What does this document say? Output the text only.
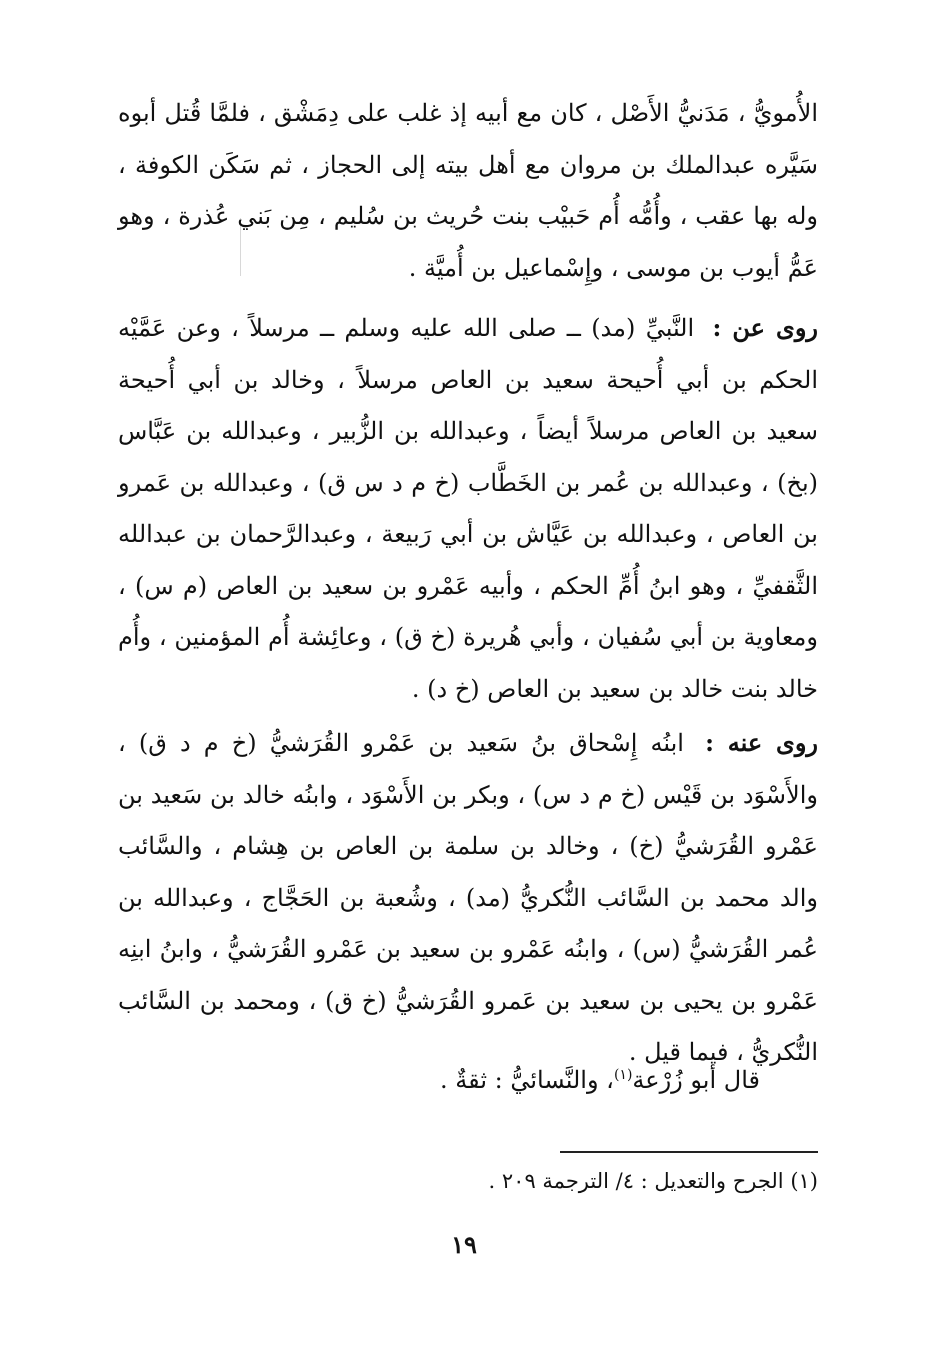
الأُمويُّ ، مَدَنيُّ الأَصْل ، كان مع أبيه إذ غلب على دِمَشْق ، فلمَّا قُتل أبوه سَيَّره عبدالملك بن مروان مع أهل بيته إلى الحجاز ، ثم سَكَن الكوفة ، وله بها عقب ، وأُمُّه أُم حَبيْب بنت حُريث بن سُليم ، مِن بَني عُذرة ، وهو عَمُّ أيوب بن موسى ، وإِسْماعيل بن أُميَّة .

روى عن : النَّبيِّ (مد) ــ صلى الله عليه وسلم ــ مرسلاً ، وعن عَمَّيْه الحكم بن أبي أُحيحة سعيد بن العاص مرسلاً ، وخالد بن أبي أُحيحة سعيد بن العاص مرسلاً أيضاً ، وعبدالله بن الزُّبير ، وعبدالله بن عَبَّاس (بخ) ، وعبدالله بن عُمر بن الخَطَّاب (خ م د س ق) ، وعبدالله بن عَمرو بن العاص ، وعبدالله بن عَيَّاش بن أبي رَبيعة ، وعبدالرَّحمان بن عبدالله الثَّقفيِّ ، وهو ابنُ أُمِّ الحكم ، وأبيه عَمْرو بن سعيد بن العاص (م س) ، ومعاوية بن أبي سُفيان ، وأبي هُريرة (خ ق) ، وعائِشة أُم المؤمنين ، وأُم خالد بنت خالد بن سعيد بن العاص (خ د) .

روى عنه : ابنُه إِسْحاق بنُ سَعيد بن عَمْرو القُرَشيُّ (خ م د ق) ، والأَسْوَد بن قَيْس (خ م د س) ، وبكر بن الأَسْوَد ، وابنُه خالد بن سَعيد بن عَمْرو القُرَشيُّ (خ) ، وخالد بن سلمة بن العاص بن هِشام ، والسَّائب والد محمد بن السَّائب النُّكريُّ (مد) ، وشُعبة بن الحَجَّاج ، وعبدالله بن عُمر القُرَشيُّ (س) ، وابنُه عَمْرو بن سعيد بن عَمْرو القُرَشيُّ ، وابنُ ابنِه عَمْرو بن يحيى بن سعيد بن عَمرو القُرَشيُّ (خ ق) ، ومحمد بن السَّائب النُّكريُّ ، فيما قيل .

قال أبو زُرْعة$^{(١)}$، والنَّسائيُّ : ثقةٌ .

(١) الجرح والتعديل : ٤/ الترجمة ٢٠٩ .
١٩
